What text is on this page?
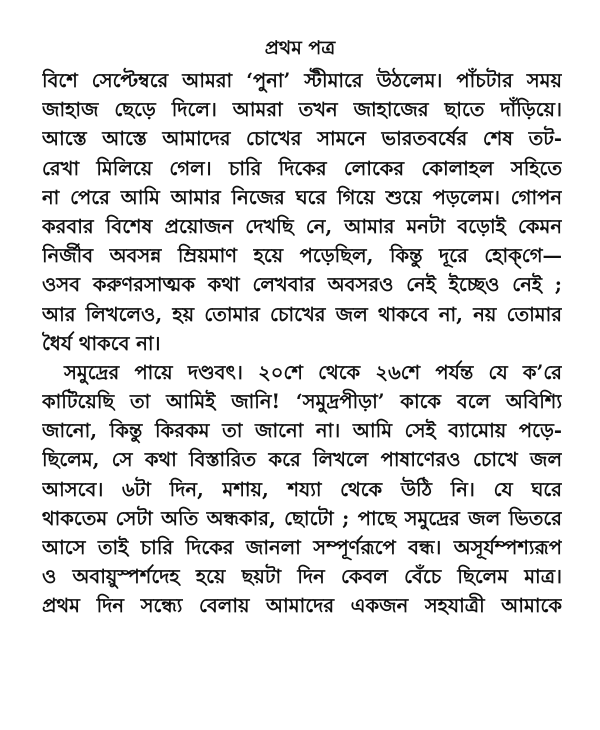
প্রথম পত্র
বিশে সেপ্টেম্বরে আমরা ‘পুনা’ স্টীমারে উঠলেম। পাঁচটার সময়
জাহাজ ছেড়ে দিলে। আমরা তখন জাহাজের ছাতে দাঁড়িয়ে।
আস্তে আস্তে আমাদের চোখের সামনে ভারতবর্ষের শেষ তট-
রেখা মিলিয়ে গেল। চারি দিকের লোকের কোলাহল সহিতে
না পেরে আমি আমার নিজের ঘরে গিয়ে শুয়ে পড়লেম। গোপন
করবার বিশেষ প্রয়োজন দেখছি নে, আমার মনটা বড়োই কেমন
নির্জীব অবসন্ন ম্রিয়মাণ হয়ে পড়েছিল, কিন্তু দূরে হোক্‌গে—
ওসব করুণরসাত্মক কথা লেখবার অবসরও নেই ইচ্ছেও নেই ;
আর লিখলেও, হয় তোমার চোখের জল থাকবে না, নয় তোমার
ধৈর্য থাকবে না।
সমুদ্রের পায়ে দণ্ডবৎ। ২০শে থেকে ২৬শে পর্যন্ত যে ক’রে
কাটিয়েছি তা আমিই জানি! ‘সমুদ্রপীড়া’ কাকে বলে অবিশ্যি
জানো, কিন্তু কিরকম তা জানো না। আমি সেই ব্যামোয় পড়ে-
ছিলেম, সে কথা বিস্তারিত করে লিখলে পাষাণেরও চোখে জল
আসবে। ৬টা দিন, মশায়, শয্যা থেকে উঠি নি। যে ঘরে
থাকতেম সেটা অতি অন্ধকার, ছোটো ; পাছে সমুদ্রের জল ভিতরে
আসে তাই চারি দিকের জানলা সম্পূর্ণরূপে বন্ধ। অসূর্যম্পশ্যরূপ
ও অবায়ুস্পর্শদেহ হয়ে ছয়টা দিন কেবল বেঁচে ছিলেম মাত্র।
প্রথম দিন সন্ধ্যে বেলায় আমাদের একজন সহযাত্রী আমাকে
